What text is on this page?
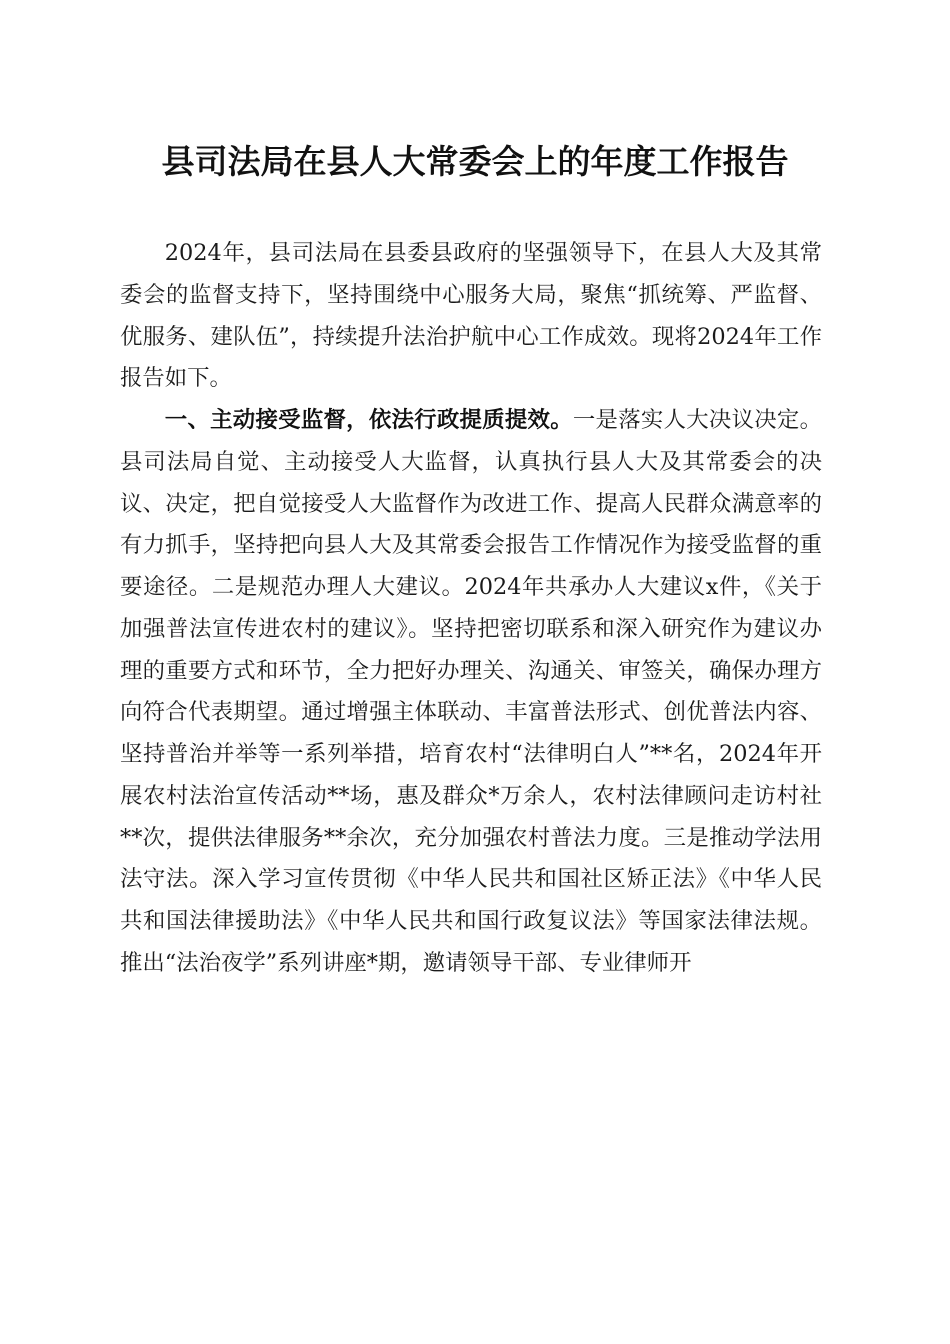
县司法局在县人大常委会上的年度工作报告

2024年，县司法局在县委县政府的坚强领导下，在县人大及其常委会的监督支持下，坚持围绕中心服务大局，聚焦“抓统筹、严监督、优服务、建队伍”，持续提升法治护航中心工作成效。现将2024年工作报告如下。

一、主动接受监督，依法行政提质提效。一是落实人大决议决定。县司法局自觉、主动接受人大监督，认真执行县人大及其常委会的决议、决定，把自觉接受人大监督作为改进工作、提高人民群众满意率的有力抓手，坚持把向县人大及其常委会报告工作情况作为接受监督的重要途径。二是规范办理人大建议。2024年共承办人大建议x件，《关于加强普法宣传进农村的建议》。坚持把密切联系和深入研究作为建议办理的重要方式和环节，全力把好办理关、沟通关、审签关，确保办理方向符合代表期望。通过增强主体联动、丰富普法形式、创优普法内容、坚持普治并举等一系列举措，培育农村“法律明白人”**名，2024年开展农村法治宣传活动**场，惠及群众*万余人，农村法律顾问走访村社**次，提供法律服务**余次，充分加强农村普法力度。三是推动学法用法守法。深入学习宣传贯彻《中华人民共和国社区矫正法》《中华人民共和国法律援助法》《中华人民共和国行政复议法》等国家法律法规。推出“法治夜学”系列讲座*期，邀请领导干部、专业律师开
